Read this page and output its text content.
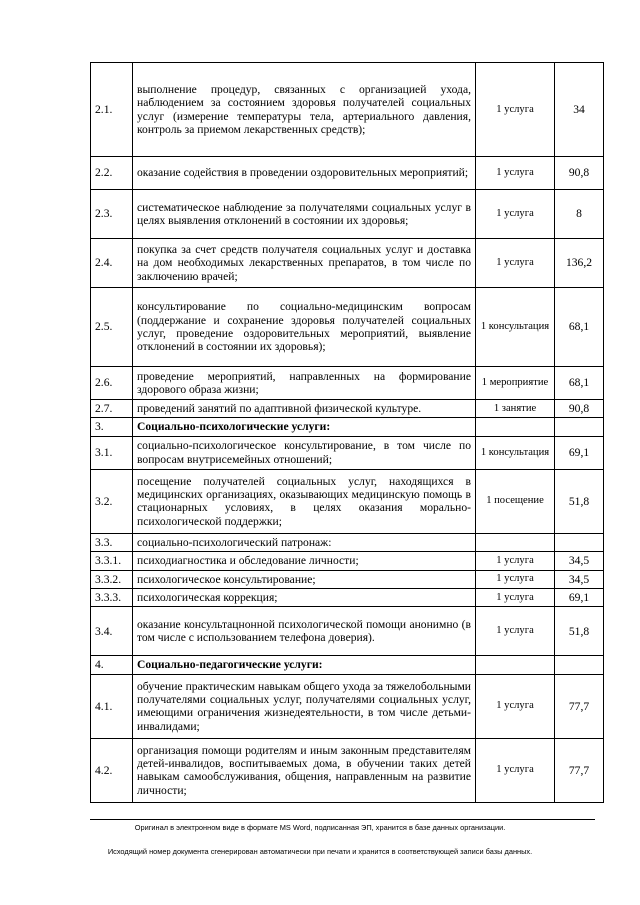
2.1.	выполнение процедур, связанных с организацией ухода, наблюдением за состоянием здоровья получателей социальных услуг (измерение температуры тела, артериального давления, контроль за приемом лекарственных средств);	1 услуга	34
2.2.	оказание содействия в проведении оздоровительных мероприятий;	1 услуга	90,8
2.3.	систематическое наблюдение за получателями социальных услуг в целях выявления отклонений в состоянии их здоровья;	1 услуга	8
2.4.	покупка за счет средств получателя социальных услуг и доставка на дом необходимых лекарственных препаратов, в том числе по заключению врачей;	1 услуга	136,2
2.5.	консультирование по социально-медицинским вопросам (поддержание и сохранение здоровья получателей социальных услуг, проведение оздоровительных мероприятий, выявление отклонений в состоянии их здоровья);	1 консультация	68,1
2.6.	проведение мероприятий, направленных на формирование здорового образа жизни;	1 мероприятие	68,1
2.7.	проведений занятий по адаптивной физической культуре.	1 занятие	90,8
3.	Социально-психологические услуги:		
3.1.	социально-психологическое консультирование, в том числе по вопросам внутрисемейных отношений;	1 консультация	69,1
3.2.	посещение получателей социальных услуг, находящихся в медицинских организациях, оказывающих медицинскую помощь в стационарных условиях, в целях оказания морально-психологической поддержки;	1 посещение	51,8
3.3.	социально-психологический патронаж:		
3.3.1.	психодиагностика и обследование личности;	1 услуга	34,5
3.3.2.	психологическое консультирование;	1 услуга	34,5
3.3.3.	психологическая коррекция;	1 услуга	69,1
3.4.	оказание консультацнонной психологической помощи анонимно (в том числе с использованием телефона доверия).	1 услуга	51,8
4.	Социально-педагогические услуги:		
4.1.	обучение практическим навыкам общего ухода за тяжелобольными получателями социальных услуг, получателями социальных услуг, имеющими ограничения жизнедеятельности, в том числе детьми-инвалидами;	1 услуга	77,7
4.2.	организация помощи родителям и иным законным представителям детей-инвалидов, воспитываемых дома, в обучении таких детей навыкам самообслуживания, общения, направленным на развитие личности;	1 услуга	77,7
Оригинал в электронном виде в формате MS Word, подписанная ЭП, хранится в базе данных организации.
Исходящий номер документа сгенерирован автоматически при печати и хранится в соответствующей записи базы данных.
